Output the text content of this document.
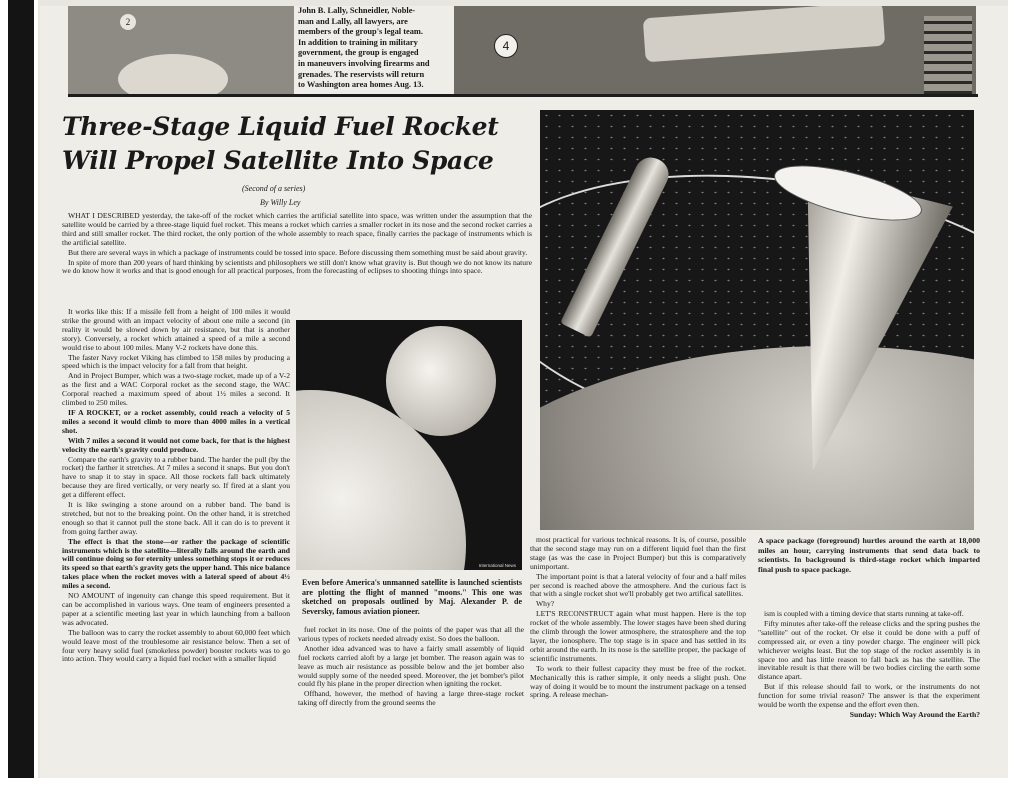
2
John B. Lally, Schneidler, Noble-
man and Lally, all lawyers, are
members of the group's legal team.
In addition to training in military
government, the group is engaged
in maneuvers involving firearms and
grenades. The reservists will return
to Washington area homes Aug. 13.
4
Three-Stage Liquid Fuel Rocket Will Propel Satellite Into Space
(Second of a series)
By Willy Ley

WHAT I DESCRIBED yesterday, the take-off of the rocket which carries the artificial satellite into space, was written under the assumption that the satellite would be carried by a three-stage liquid fuel rocket. This means a rocket which carries a smaller rocket in its nose and the second rocket carries a third and still smaller rocket. The third rocket, the only portion of the whole assembly to reach space, finally carries the package of instruments which is the artificial satellite.

But there are several ways in which a package of instruments could be tossed into space. Before discussing them something must be said about gravity.

In spite of more than 200 years of hard thinking by scientists and philosophers we still don't know what gravity is. But though we do not know its nature we do know how it works and that is good enough for all practical purposes, from the forecasting of eclipses to shooting things into space.

It works like this: If a missile fell from a height of 100 miles it would strike the ground with an impact velocity of about one mile a second (in reality it would be slowed down by air resistance, but that is another story). Conversely, a rocket which attained a speed of a mile a second would rise to about 100 miles. Many V-2 rockets have done this.

The faster Navy rocket Viking has climbed to 158 miles by producing a speed which is the impact velocity for a fall from that height.

And in Project Bumper, which was a two-stage rocket, made up of a V-2 as the first and a WAC Corporal rocket as the second stage, the WAC Corporal reached a maximum speed of about 1½ miles a second. It climbed to 250 miles.

IF A ROCKET, or a rocket assembly, could reach a velocity of 5 miles a second it would climb to more than 4000 miles in a vertical shot.

With 7 miles a second it would not come back, for that is the highest velocity the earth's gravity could produce.

Compare the earth's gravity to a rubber band. The harder the pull (by the rocket) the farther it stretches. At 7 miles a second it snaps. But you don't have to snap it to stay in space. All those rockets fall back ultimately because they are fired vertically, or very nearly so. If fired at a slant you get a different effect.

It is like swinging a stone around on a rubber band. The band is stretched, but not to the breaking point. On the other hand, it is stretched enough so that it cannot pull the stone back. All it can do is to prevent it from going farther away.

The effect is that the stone—or rather the package of scientific instruments which is the satellite—literally falls around the earth and will continue doing so for eternity unless something stops it or reduces its speed so that earth's gravity gets the upper hand. This nice balance takes place when the rocket moves with a lateral speed of about 4½ miles a second.

NO AMOUNT of ingenuity can change this speed requirement. But it can be accomplished in various ways. One team of engineers presented a paper at a scientific meeting last year in which launching from a balloon was advocated.

The balloon was to carry the rocket assembly to about 60,000 feet which would leave most of the troublesome air resistance below. Then a set of four very heavy solid fuel (smokeless powder) booster rockets was to go into action. They would carry a liquid fuel rocket with a smaller liquid

International News
Even before America's unmanned satellite is launched scientists are plotting the flight of manned "moons." This one was sketched on proposals outlined by Maj. Alexander P. de Seversky, famous aviation pioneer.

fuel rocket in its nose. One of the points of the paper was that all the various types of rockets needed already exist. So does the balloon.

Another idea advanced was to have a fairly small assembly of liquid fuel rockets carried aloft by a large jet bomber. The reason again was to leave as much air resistance as possible below and the jet bomber also would supply some of the needed speed. Moreover, the jet bomber's pilot could fly his plane in the proper direction when igniting the rocket.

Offhand, however, the method of having a large three-stage rocket taking off directly from the ground seems the

A space package (foreground) hurtles around the earth at 18,000 miles an hour, carrying instruments that send data back to scientists. In background is third-stage rocket which imparted final push to space package.

most practical for various technical reasons. It is, of course, possible that the second stage may run on a different liquid fuel than the first stage (as was the case in Project Bumper) but this is comparatively unimportant.

The important point is that a lateral velocity of four and a half miles per second is reached above the atmosphere. And the curious fact is that with a single rocket shot we'll probably get two artifical satellites.

Why?

LET'S RECONSTRUCT again what must happen. Here is the top rocket of the whole assembly. The lower stages have been shed during the climb through the lower atmosphere, the stratosphere and the top layer, the ionosphere. The top stage is in space and has settled in its orbit around the earth. In its nose is the satellite proper, the package of scientific instruments.

To work to their fullest capacity they must be free of the rocket. Mechanically this is rather simple, it only needs a slight push. One way of doing it would be to mount the instrument package on a tensed spring. A release mechan-

ism is coupled with a timing device that starts running at take-off.

Fifty minutes after take-off the release clicks and the spring pushes the "satellite" out of the rocket. Or else it could be done with a puff of compressed air, or even a tiny powder charge. The engineer will pick whichever weighs least. But the top stage of the rocket assembly is in space too and has little reason to fall back as has the satellite. The inevitable result is that there will be two bodies circling the earth some distance apart.

But if this release should fail to work, or the instruments do not function for some trivial reason? The answer is that the experiment would be worth the expense and the effort even then.

Sunday: Which Way Around the Earth?
